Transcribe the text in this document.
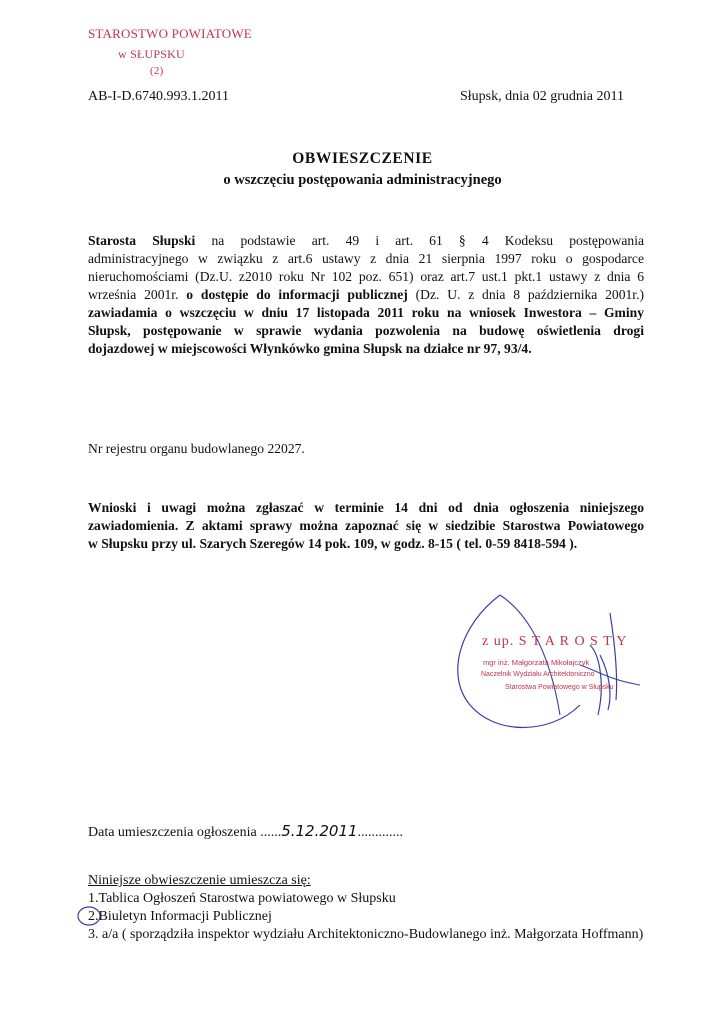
STAROSTWO POWIATOWE
w SŁUPSKU
(2)
AB-I-D.6740.993.1.2011	Słupsk, dnia 02 grudnia 2011
OBWIESZCZENIE
o wszczęciu postępowania administracyjnego
Starosta Słupski na podstawie art. 49 i art. 61 § 4 Kodeksu postępowania
administracyjnego w związku z art.6 ustawy z dnia 21 sierpnia 1997 roku o gospodarce
nieruchomościami (Dz.U. z2010 roku Nr 102 poz. 651) oraz art.7 ust.1 pkt.1 ustawy z dnia 6
września 2001r. o dostępie do informacji publicznej (Dz. U. z dnia 8 października 2001r.)
zawiadamia o wszczęciu w dniu 17 listopada 2011 roku na wniosek Inwestora – Gminy
Słupsk, postępowanie w sprawie wydania pozwolenia na budowę oświetlenia drogi
dojazdowej w miejscowości Włynkówko gmina Słupsk na działce nr 97, 93/4.
Nr rejestru organu budowlanego 22027.
Wnioski i uwagi można zgłaszać w terminie 14 dni od dnia ogłoszenia niniejszego
zawiadomienia. Z aktami sprawy można zapoznać się w siedzibie Starostwa Powiatowego
w Słupsku przy ul. Szarych Szeregów 14 pok. 109, w godz. 8-15 ( tel. 0-59 8418-594 ).
z up. S T A R O S T Y
mgr inż. Małgorzata Mikołajczyk
Naczelnik Wydziału Architektoniczno
Starostwa Powiatowego w Słupsku
Data umieszczenia ogłoszenia ......5.12.2011.............
Niniejsze obwieszczenie umieszcza się:
1.Tablica Ogłoszeń Starostwa powiatowego w Słupsku
2.Biuletyn Informacji Publicznej
3. a/a ( sporządziła inspektor wydziału Architektoniczno-Budowlanego inż. Małgorzata Hoffmann)
